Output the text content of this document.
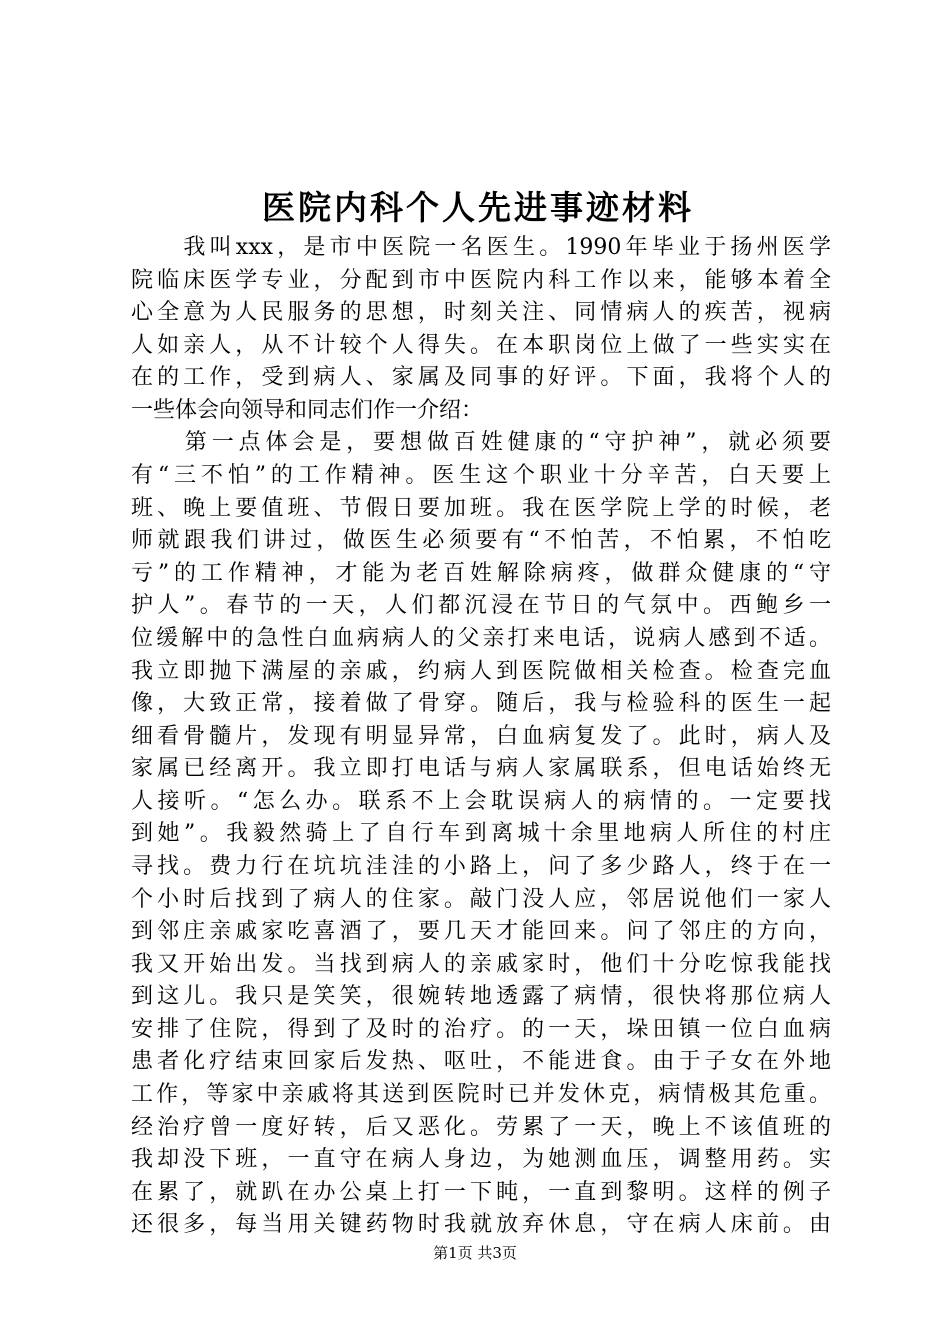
医院内科个人先进事迹材料
　　我叫xxx，是市中医院一名医生。1990年毕业于扬州医学
院临床医学专业，分配到市中医院内科工作以来，能够本着全
心全意为人民服务的思想，时刻关注、同情病人的疾苦，视病
人如亲人，从不计较个人得失。在本职岗位上做了一些实实在
在的工作，受到病人、家属及同事的好评。下面，我将个人的
一些体会向领导和同志们作一介绍：
　　第一点体会是，要想做百姓健康的“守护神”，就必须要
有“三不怕”的工作精神。医生这个职业十分辛苦，白天要上
班、晚上要值班、节假日要加班。我在医学院上学的时候，老
师就跟我们讲过，做医生必须要有“不怕苦，不怕累，不怕吃
亏”的工作精神，才能为老百姓解除病疼，做群众健康的“守
护人”。春节的一天，人们都沉浸在节日的气氛中。西鲍乡一
位缓解中的急性白血病病人的父亲打来电话，说病人感到不适。
我立即抛下满屋的亲戚，约病人到医院做相关检查。检查完血
像，大致正常，接着做了骨穿。随后，我与检验科的医生一起
细看骨髓片，发现有明显异常，白血病复发了。此时，病人及
家属已经离开。我立即打电话与病人家属联系，但电话始终无
人接听。“怎么办。联系不上会耽误病人的病情的。一定要找
到她”。我毅然骑上了自行车到离城十余里地病人所住的村庄
寻找。费力行在坑坑洼洼的小路上，问了多少路人，终于在一
个小时后找到了病人的住家。敲门没人应，邻居说他们一家人
到邻庄亲戚家吃喜酒了，要几天才能回来。问了邻庄的方向，
我又开始出发。当找到病人的亲戚家时，他们十分吃惊我能找
到这儿。我只是笑笑，很婉转地透露了病情，很快将那位病人
安排了住院，得到了及时的治疗。的一天，垛田镇一位白血病
患者化疗结束回家后发热、呕吐，不能进食。由于子女在外地
工作，等家中亲戚将其送到医院时已并发休克，病情极其危重。
经治疗曾一度好转，后又恶化。劳累了一天，晚上不该值班的
我却没下班，一直守在病人身边，为她测血压，调整用药。实
在累了，就趴在办公桌上打一下盹，一直到黎明。这样的例子
还很多，每当用关键药物时我就放弃休息，守在病人床前。由
第1页 共3页
